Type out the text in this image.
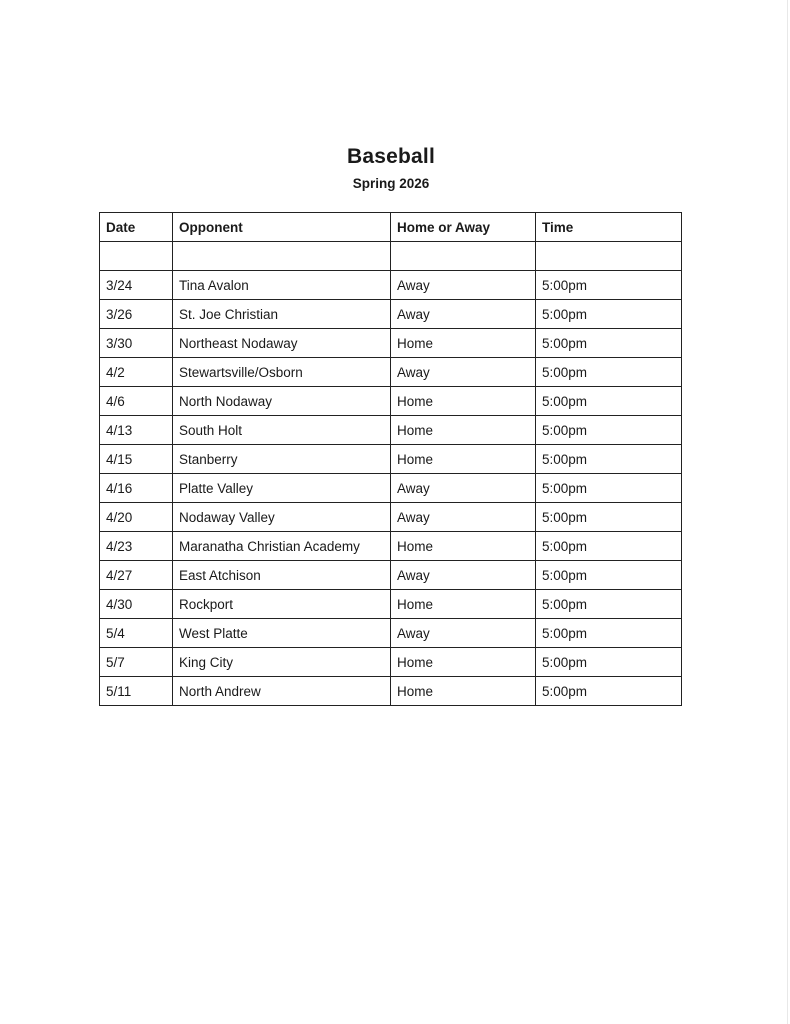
Baseball
Spring 2026
Date	Opponent	Home or Away	Time

3/24	Tina Avalon	Away	5:00pm
3/26	St. Joe Christian	Away	5:00pm
3/30	Northeast Nodaway	Home	5:00pm
4/2	Stewartsville/Osborn	Away	5:00pm
4/6	North Nodaway	Home	5:00pm
4/13	South Holt	Home	5:00pm
4/15	Stanberry	Home	5:00pm
4/16	Platte Valley	Away	5:00pm
4/20	Nodaway Valley	Away	5:00pm
4/23	Maranatha Christian Academy	Home	5:00pm
4/27	East Atchison	Away	5:00pm
4/30	Rockport	Home	5:00pm
5/4	West Platte	Away	5:00pm
5/7	King City	Home	5:00pm
5/11	North Andrew	Home	5:00pm
